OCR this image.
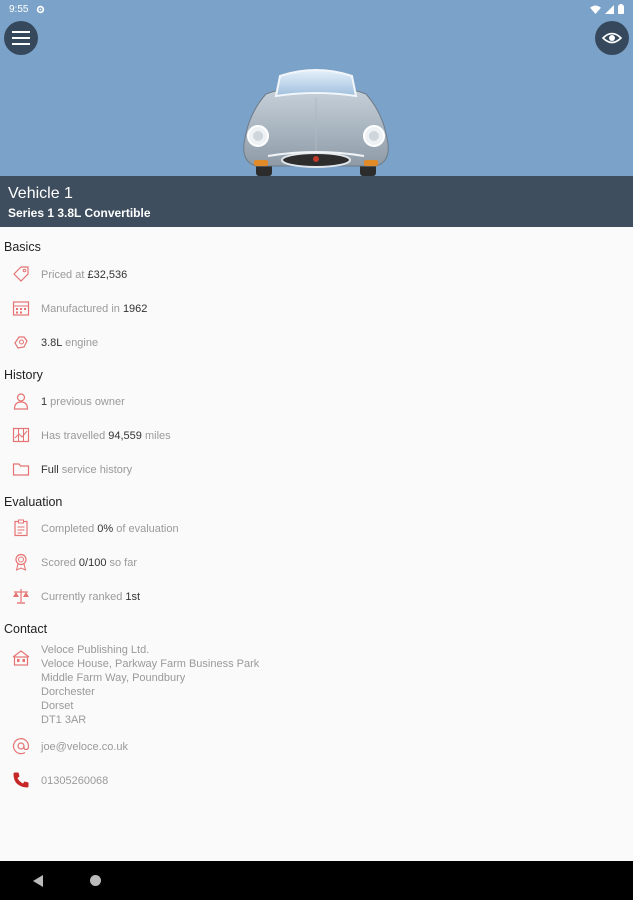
9:55
Vehicle 1
Series 1 3.8L Convertible
Basics
Priced at £32,536
Manufactured in 1962
3.8L engine
History
1 previous owner
Has travelled 94,559 miles
Full service history
Evaluation
Completed 0% of evaluation
Scored 0/100 so far
Currently ranked 1st
Contact
Veloce Publishing Ltd.
Veloce House, Parkway Farm Business Park
Middle Farm Way, Poundbury
Dorchester
Dorset
DT1 3AR
joe@veloce.co.uk
01305260068
